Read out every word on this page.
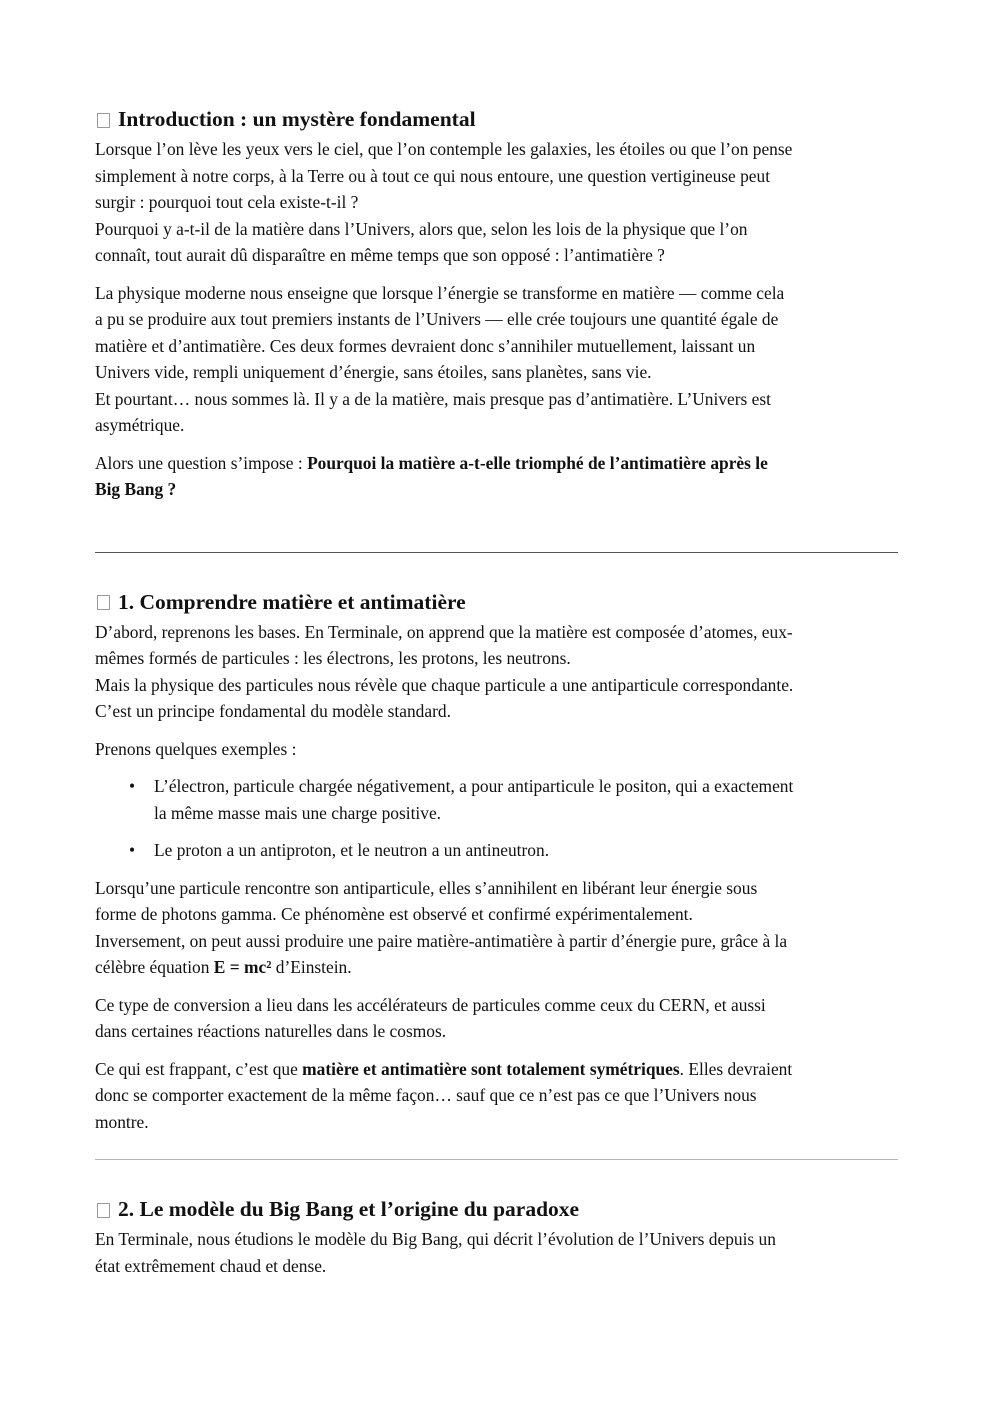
Introduction : un mystère fondamental

Lorsque l’on lève les yeux vers le ciel, que l’on contemple les galaxies, les étoiles ou que l’on pense
simplement à notre corps, à la Terre ou à tout ce qui nous entoure, une question vertigineuse peut
surgir : pourquoi tout cela existe-t-il ?
Pourquoi y a-t-il de la matière dans l’Univers, alors que, selon les lois de la physique que l’on
connaît, tout aurait dû disparaître en même temps que son opposé : l’antimatière ?

La physique moderne nous enseigne que lorsque l’énergie se transforme en matière — comme cela
a pu se produire aux tout premiers instants de l’Univers — elle crée toujours une quantité égale de
matière et d’antimatière. Ces deux formes devraient donc s’annihiler mutuellement, laissant un
Univers vide, rempli uniquement d’énergie, sans étoiles, sans planètes, sans vie.
Et pourtant… nous sommes là. Il y a de la matière, mais presque pas d’antimatière. L’Univers est
asymétrique.

Alors une question s’impose : Pourquoi la matière a-t-elle triomphé de l’antimatière après le
Big Bang ?

1. Comprendre matière et antimatière

D’abord, reprenons les bases. En Terminale, on apprend que la matière est composée d’atomes, eux-
mêmes formés de particules : les électrons, les protons, les neutrons.
Mais la physique des particules nous révèle que chaque particule a une antiparticule correspondante.
C’est un principe fondamental du modèle standard.

Prenons quelques exemples :

• L’électron, particule chargée négativement, a pour antiparticule le positon, qui a exactement
la même masse mais une charge positive.
• Le proton a un antiproton, et le neutron a un antineutron.

Lorsqu’une particule rencontre son antiparticule, elles s’annihilent en libérant leur énergie sous
forme de photons gamma. Ce phénomène est observé et confirmé expérimentalement.
Inversement, on peut aussi produire une paire matière-antimatière à partir d’énergie pure, grâce à la
célèbre équation E = mc² d’Einstein.

Ce type de conversion a lieu dans les accélérateurs de particules comme ceux du CERN, et aussi
dans certaines réactions naturelles dans le cosmos.

Ce qui est frappant, c’est que matière et antimatière sont totalement symétriques. Elles devraient
donc se comporter exactement de la même façon… sauf que ce n’est pas ce que l’Univers nous
montre.

2. Le modèle du Big Bang et l’origine du paradoxe

En Terminale, nous étudions le modèle du Big Bang, qui décrit l’évolution de l’Univers depuis un
état extrêmement chaud et dense.
